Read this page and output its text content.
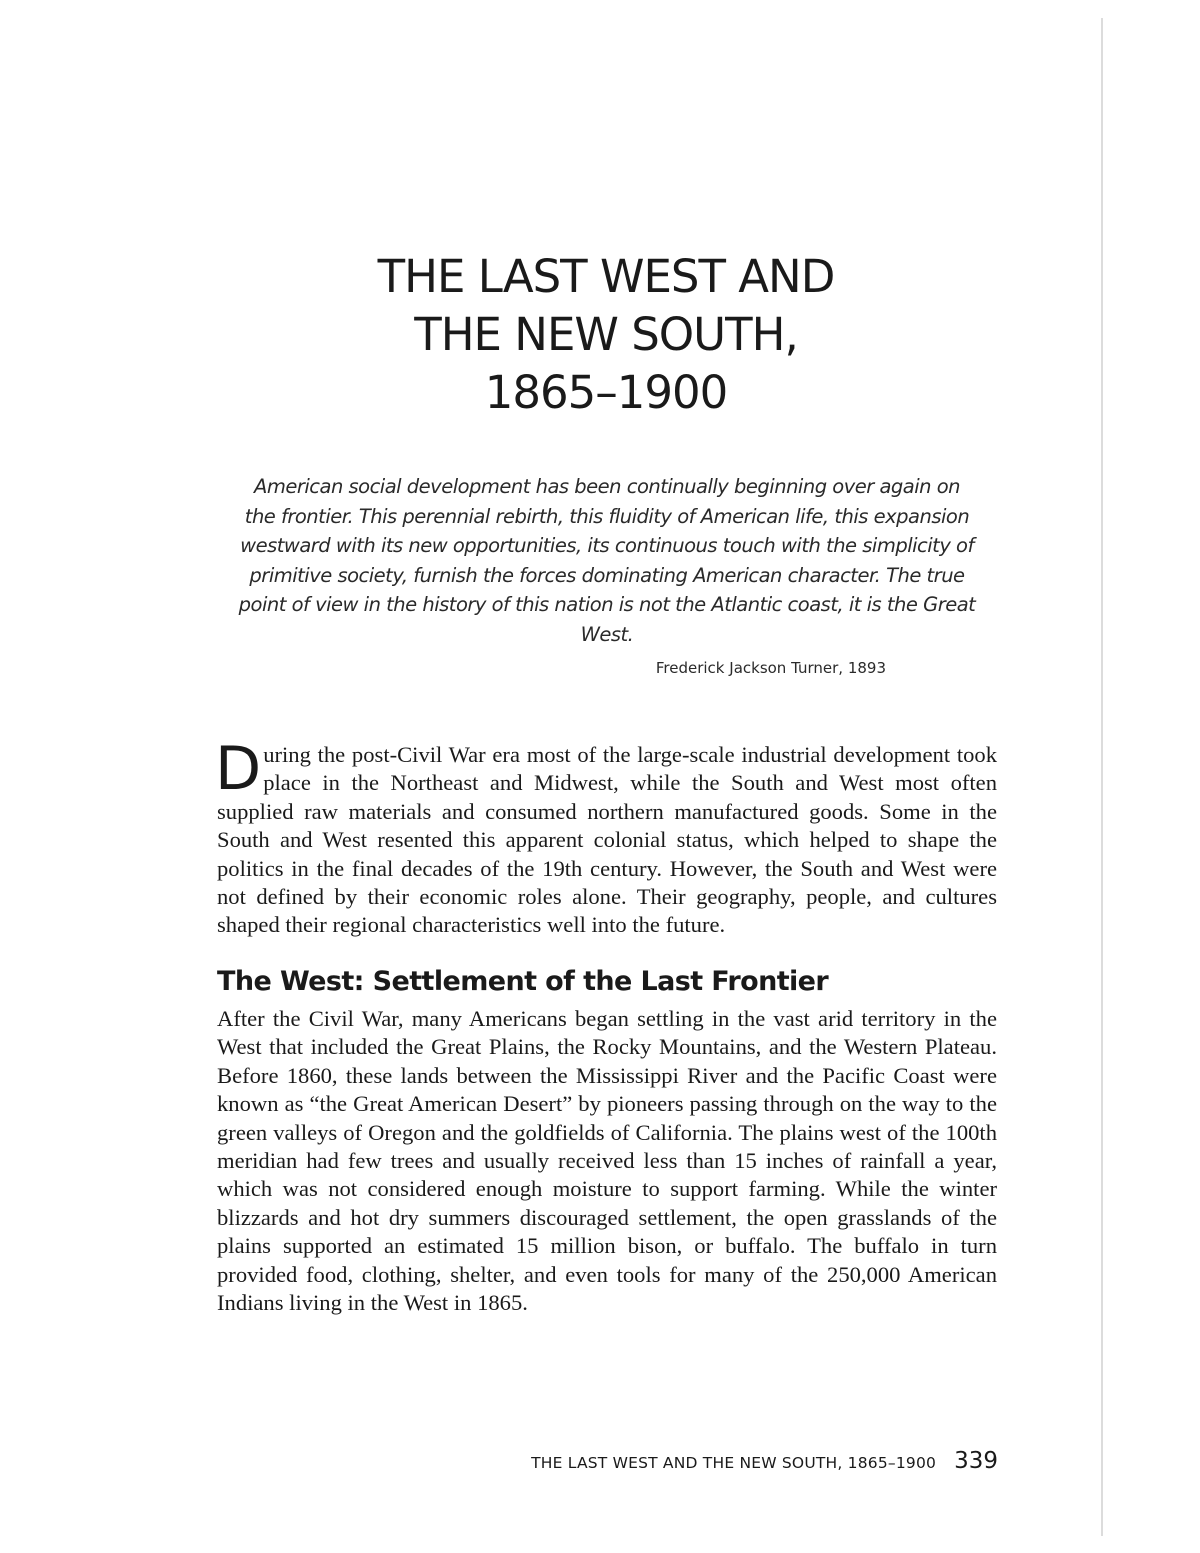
THE LAST WEST AND
THE NEW SOUTH,
1865–1900

American social development has been continually beginning over again on the frontier. This perennial rebirth, this fluidity of American life, this expansion westward with its new opportunities, its continuous touch with the simplicity of primitive society, furnish the forces dominating American character. The true point of view in the history of this nation is not the Atlantic coast, it is the Great West.

Frederick Jackson Turner, 1893

During the post-Civil War era most of the large-scale industrial development took place in the Northeast and Midwest, while the South and West most often supplied raw materials and consumed northern manufactured goods. Some in the South and West resented this apparent colonial status, which helped to shape the politics in the final decades of the 19th century. However, the South and West were not defined by their economic roles alone. Their geography, people, and cultures shaped their regional characteristics well into the future.

The West: Settlement of the Last Frontier

After the Civil War, many Americans began settling in the vast arid territory in the West that included the Great Plains, the Rocky Mountains, and the Western Plateau. Before 1860, these lands between the Mississippi River and the Pacific Coast were known as “the Great American Desert” by pioneers passing through on the way to the green valleys of Oregon and the goldfields of California. The plains west of the 100th meridian had few trees and usually received less than 15 inches of rainfall a year, which was not considered enough moisture to support farming. While the winter blizzards and hot dry summers discouraged settlement, the open grasslands of the plains supported an estimated 15 million bison, or buffalo. The buffalo in turn provided food, clothing, shelter, and even tools for many of the 250,000 American Indians living in the West in 1865.

THE LAST WEST AND THE NEW SOUTH, 1865–1900 339
